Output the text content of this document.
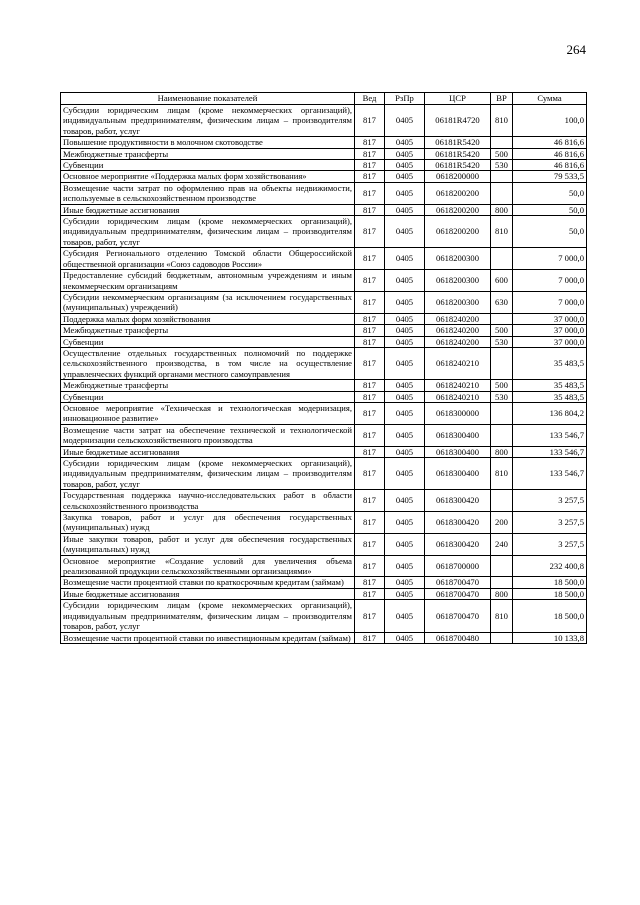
264
Наименование показателей	Вед	РзПр	ЦСР	ВР	Сумма
Субсидии юридическим лицам (кроме некоммерческих организаций), индивидуальным предпринимателям, физическим лицам – производителям товаров, работ, услуг	817	0405	06181R4720	810	100,0
Повышение продуктивности в молочном скотоводстве	817	0405	06181R5420		46 816,6
Межбюджетные трансферты	817	0405	06181R5420	500	46 816,6
Субвенции	817	0405	06181R5420	530	46 816,6
Основное мероприятие «Поддержка малых форм хозяйствования»	817	0405	0618200000		79 533,5
Возмещение части затрат по оформлению прав на объекты недвижимости, используемые в сельскохозяйственном производстве	817	0405	0618200200		50,0
Иные бюджетные ассигнования	817	0405	0618200200	800	50,0
Субсидии юридическим лицам (кроме некоммерческих организаций), индивидуальным предпринимателям, физическим лицам – производителям товаров, работ, услуг	817	0405	0618200200	810	50,0
Субсидия Регионального отделению Томской области Общероссийской общественной организации «Союз садоводов России»	817	0405	0618200300		7 000,0
Предоставление субсидий бюджетным, автономным учреждениям и иным некоммерческим организациям	817	0405	0618200300	600	7 000,0
Субсидии некоммерческим организациям (за исключением государственных (муниципальных) учреждений)	817	0405	0618200300	630	7 000,0
Поддержка малых форм хозяйствования	817	0405	0618240200		37 000,0
Межбюджетные трансферты	817	0405	0618240200	500	37 000,0
Субвенции	817	0405	0618240200	530	37 000,0
Осуществление отдельных государственных полномочий по поддержке сельскохозяйственного производства, в том числе на осуществление управленческих функций органами местного самоуправления	817	0405	0618240210		35 483,5
Межбюджетные трансферты	817	0405	0618240210	500	35 483,5
Субвенции	817	0405	0618240210	530	35 483,5
Основное мероприятие «Техническая и технологическая модернизация, инновационное развитие»	817	0405	0618300000		136 804,2
Возмещение части затрат на обеспечение технической и технологической модернизации сельскохозяйственного производства	817	0405	0618300400		133 546,7
Иные бюджетные ассигнования	817	0405	0618300400	800	133 546,7
Субсидии юридическим лицам (кроме некоммерческих организаций), индивидуальным предпринимателям, физическим лицам – производителям товаров, работ, услуг	817	0405	0618300400	810	133 546,7
Государственная поддержка научно-исследовательских работ в области сельскохозяйственного производства	817	0405	0618300420		3 257,5
Закупка товаров, работ и услуг для обеспечения государственных (муниципальных) нужд	817	0405	0618300420	200	3 257,5
Иные закупки товаров, работ и услуг для обеспечения государственных (муниципальных) нужд	817	0405	0618300420	240	3 257,5
Основное мероприятие «Создание условий для увеличения объема реализованной продукции сельскохозяйственными организациями»	817	0405	0618700000		232 400,8
Возмещение части процентной ставки по краткосрочным кредитам (займам)	817	0405	0618700470		18 500,0
Иные бюджетные ассигнования	817	0405	0618700470	800	18 500,0
Субсидии юридическим лицам (кроме некоммерческих организаций), индивидуальным предпринимателям, физическим лицам – производителям товаров, работ, услуг	817	0405	0618700470	810	18 500,0
Возмещение части процентной ставки по инвестиционным кредитам (займам)	817	0405	0618700480		10 133,8
